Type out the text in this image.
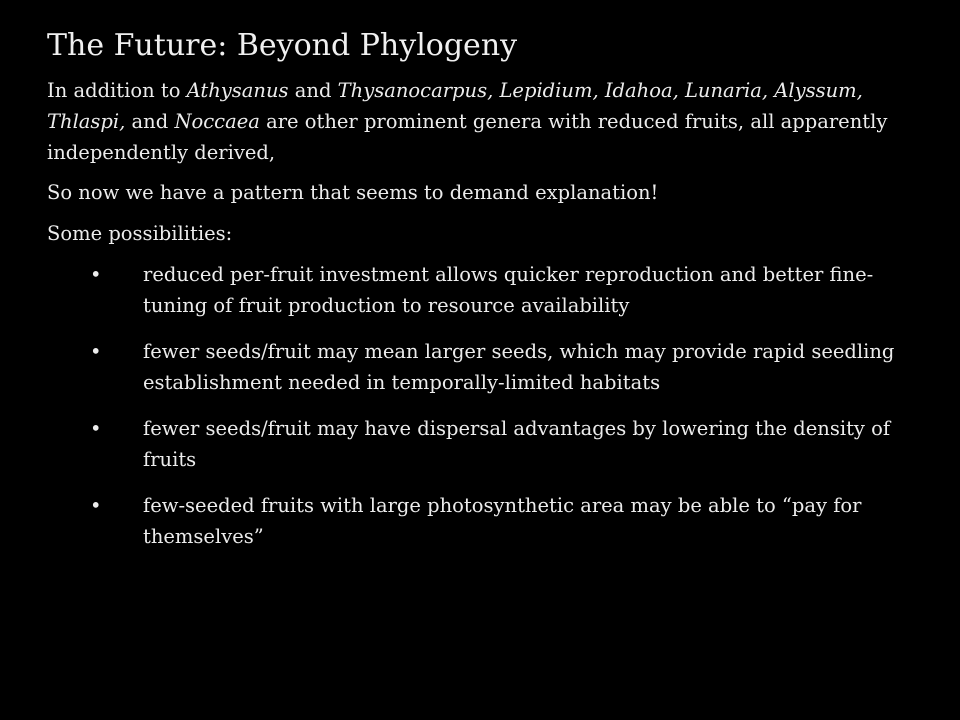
The Future: Beyond Phylogeny

In addition to Athysanus and Thysanocarpus, Lepidium, Idahoa, Lunaria, Alyssum, Thlaspi, and Noccaea are other prominent genera with reduced fruits, all apparently independently derived,

So now we have a pattern that seems to demand explanation!

Some possibilities:

• reduced per-fruit investment allows quicker reproduction and better fine-tuning of fruit production to resource availability
• fewer seeds/fruit may mean larger seeds, which may provide rapid seedling establishment needed in temporally-limited habitats
• fewer seeds/fruit may have dispersal advantages by lowering the density of fruits
• few-seeded fruits with large photosynthetic area may be able to “pay for themselves”
